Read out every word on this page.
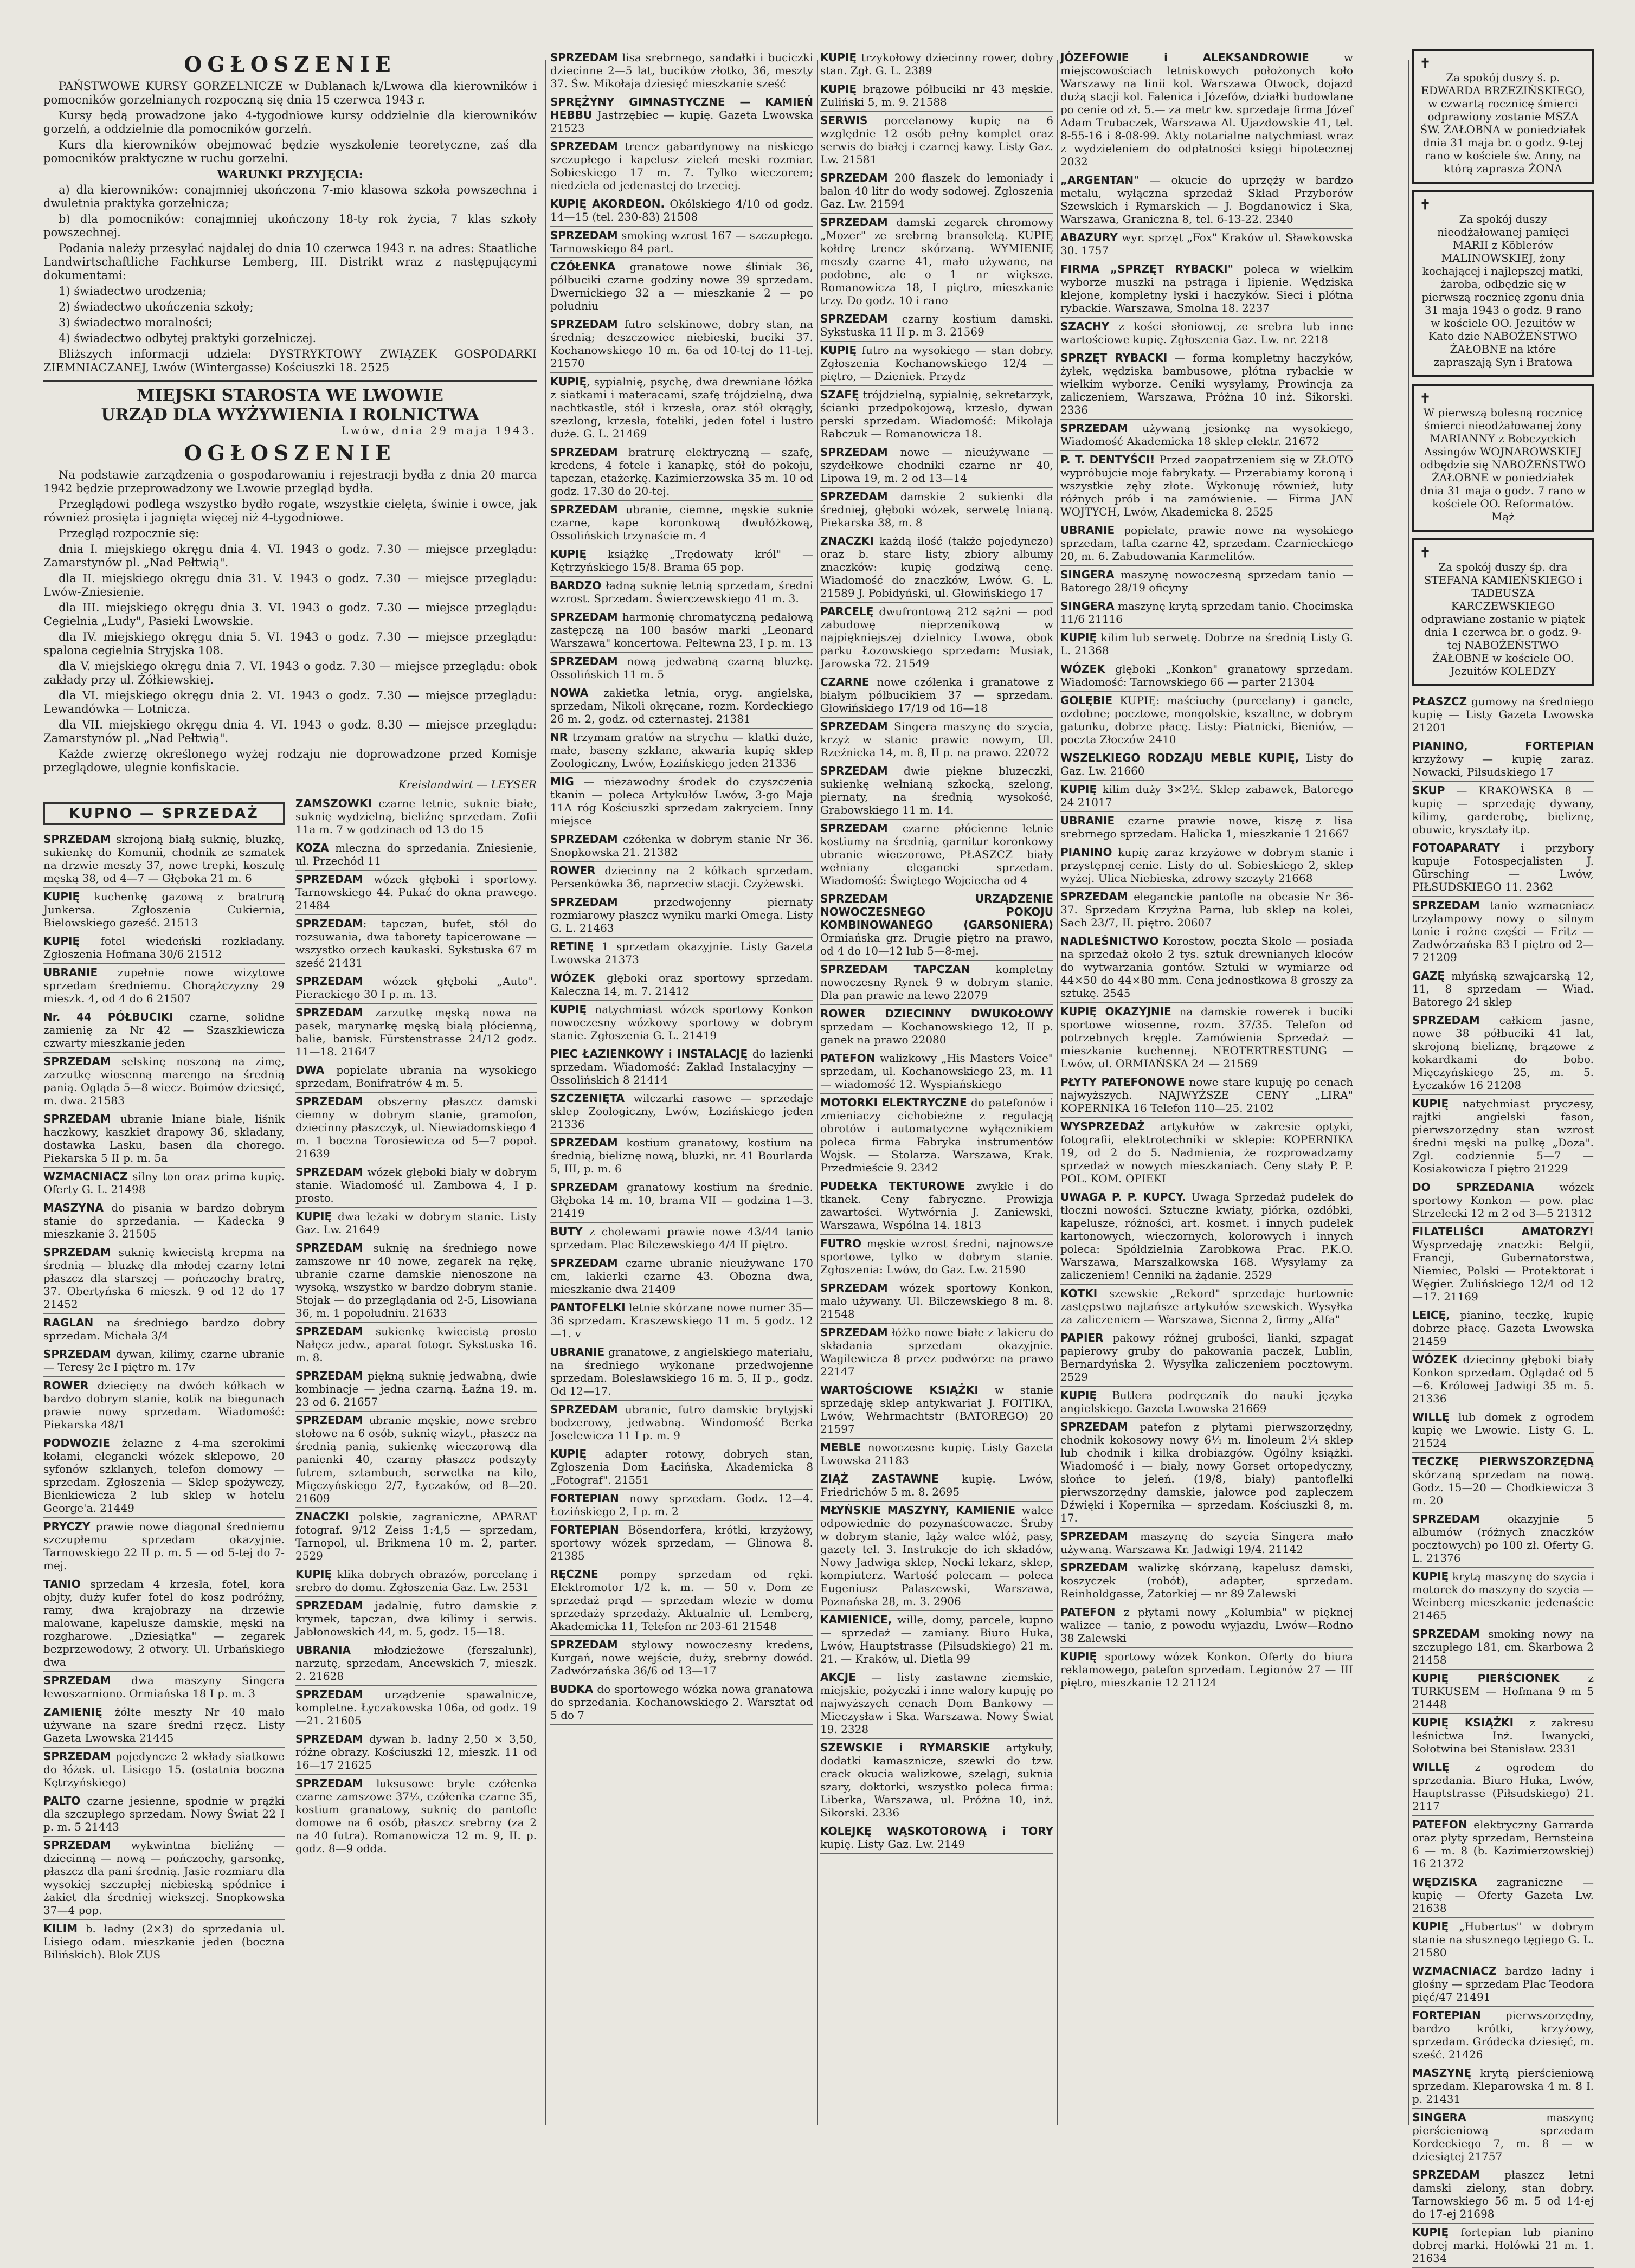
OGŁOSZENIE

PAŃSTWOWE KURSY GORZELNICZE w Dublanach k/Lwowa dla kierowników i pomocników gorzelnianych rozpoczną się dnia 15 czerwca 1943 r.

Kursy będą prowadzone jako 4-tygodniowe kursy oddzielnie dla kierowników gorzelń, a oddzielnie dla pomocników gorzelń.

Kurs dla kierowników obejmować będzie wyszkolenie teoretyczne, zaś dla pomocników praktyczne w ruchu gorzelni.

WARUNKI PRZYJĘCIA:

a) dla kierowników: conajmniej ukończona 7-mio klasowa szkoła powszechna i dwuletnia praktyka gorzelnicza;

b) dla pomocników: conajmniej ukończony 18-ty rok życia, 7 klas szkoły powszechnej.

Podania należy przesyłać najdalej do dnia 10 czerwca 1943 r. na adres: Staatliche Landwirtschaftliche Fachkurse Lemberg, III. Distrikt wraz z następującymi dokumentami:

1) świadectwo urodzenia;

2) świadectwo ukończenia szkoły;

3) świadectwo moralności;

4) świadectwo odbytej praktyki gorzelniczej.

Bliższych informacji udziela: DYSTRYKTOWY ZWIĄZEK GOSPODARKI ZIEMNIACZANEJ, Lwów (Wintergasse) Kościuszki 18. 2525

MIEJSKI STAROSTA WE LWOWIE
URZĄD DLA WYŻYWIENIA I ROLNICTWA

Lwów, dnia 29 maja 1943.

OGŁOSZENIE

Na podstawie zarządzenia o gospodarowaniu i rejestracji bydła z dnia 20 marca 1942 będzie przeprowadzony we Lwowie przegląd bydła.

Przeglądowi podlega wszystko bydło rogate, wszystkie cielęta, świnie i owce, jak również prosięta i jagnięta więcej niż 4-tygodniowe.

Przegląd rozpocznie się:

dnia I. miejskiego okręgu dnia 4. VI. 1943 o godz. 7.30 — miejsce przeglądu: Zamarstynów pl. „Nad Pełtwią".

dla II. miejskiego okręgu dnia 31. V. 1943 o godz. 7.30 — miejsce przeglądu: Lwów-Zniesienie.

dla III. miejskiego okręgu dnia 3. VI. 1943 o godz. 7.30 — miejsce przeglądu: Cegielnia „Ludy", Pasieki Lwowskie.

dla IV. miejskiego okręgu dnia 5. VI. 1943 o godz. 7.30 — miejsce przeglądu: spalona cegielnia Stryjska 108.

dla V. miejskiego okręgu dnia 7. VI. 1943 o godz. 7.30 — miejsce przeglądu: obok zakłady przy ul. Żółkiewskiej.

dla VI. miejskiego okręgu dnia 2. VI. 1943 o godz. 7.30 — miejsce przeglądu: Lewandówka — Lotnicza.

dla VII. miejskiego okręgu dnia 4. VI. 1943 o godz. 8.30 — miejsce przeglądu: Zamarstynów pl. „Nad Pełtwią".

Każde zwierzę określonego wyżej rodzaju nie doprowadzone przed Komisje przeglądowe, ulegnie konfiskacie.

Kreislandwirt — LEYSER

KUPNO — SPRZEDAŻ

SPRZEDAM skrojoną białą suknię, bluzkę, sukienkę do Komunii, chodnik ze szmatek na drzwie meszty 37, nowe trepki, koszulę męską 38, od 4—7 — Głęboka 21 m. 6

KUPIĘ kuchenkę gazową z bratrurą Junkersa. Zgłoszenia Cukiernia, Bielowskiego gaześć. 21513

KUPIĘ fotel wiedeński rozkładany. Zgłoszenia Hofmana 30/6 21512

UBRANIE zupełnie nowe wizytowe sprzedam średniemu. Chorążczyzny 29 mieszk. 4, od 4 do 6 21507

Nr. 44 PÓŁBUCIKI czarne, solidne zamienię za Nr 42 — Szaszkiewicza czwarty mieszkanie jeden

SPRZEDAM selskinę noszoną na zimę, zarzutkę wiosenną marengo na średnią panią. Ogląda 5—8 wiecz. Boimów dziesięć, m. dwa. 21583

SPRZEDAM ubranie lniane białe, liśnik haczkowy, kaszkiet drapowy 36, składany, dostawka Lasku, basen dla chorego. Piekarska 5 II p. m. 5a

WZMACNIACZ silny ton oraz prima kupię. Oferty G. L. 21498

MASZYNA do pisania w bardzo dobrym stanie do sprzedania. — Kadecka 9 mieszkanie 3. 21505

SPRZEDAM suknię kwiecistą krepma na średnią — bluzkę dla młodej czarny letni płaszcz dla starszej — pończochy bratrę, 37. Obertyńska 6 mieszk. 9 od 12 do 17 21452

RAGLAN na średniego bardzo dobry sprzedam. Michała 3/4

SPRZEDAM dywan, kilimy, czarne ubranie — Teresy 2c I piętro m. 17v

ROWER dziecięcy na dwóch kółkach w bardzo dobrym stanie, kotik na biegunach prawie nowy sprzedam. Wiadomość: Piekarska 48/1

PODWOZIE żelazne z 4-ma szerokimi kołami, elegancki wózek sklepowo, 20 syfonów szklanych, telefon domowy — sprzedam. Zgłoszenia — Sklep spożywczy, Bienkiewicza 2 lub sklep w hotelu George'a. 21449

PRYCZY prawie nowe diagonal średniemu szczupłemu sprzedam okazyjnie. Tarnowskiego 22 II p. m. 5 — od 5-tej do 7-mej.

TANIO sprzedam 4 krzesła, fotel, kora objty, duży kufer fotel do kosz podróżny, ramy, dwa krajobrazy na drzewie malowane, kapelusze damskie, męski na rozgharowe. „Dziesiątka" — zegarek bezprzewodowy, 2 otwory. Ul. Urbańskiego dwa

SPRZEDAM dwa maszyny Singera lewoszarniono. Ormiańska 18 I p. m. 3

ZAMIENIĘ żółte meszty Nr 40 mało używane na szare średni rzęcz. Listy Gazeta Lwowska 21445

SPRZEDAM pojedyncze 2 wkłady siatkowe do łóżek. ul. Lisiego 15. (ostatnia boczna Kętrzyńskiego)

PALTO czarne jesienne, spodnie w prążki dla szczupłego sprzedam. Nowy Świat 22 I p. m. 5 21443

SPRZEDAM wykwintna bieliźnę — dziecinną — nową — pończochy, garsonkę, płaszcz dla pani średnią. Jasie rozmiaru dla wysokiej szczupłej niebieską spódnice i żakiet dla średniej wiekszej. Snopkowska 37—4 pop.

KILIM b. ładny (2×3) do sprzedania ul. Lisiego odam. mieszkanie jeden (boczna Bilińskich). Blok ZUS

ZAMSZOWKI czarne letnie, suknie białe, suknię wydzielną, bieliźnę sprzedam. Zofii 11a m. 7 w godzinach od 13 do 15

KOZA mleczna do sprzedania. Zniesienie, ul. Przechód 11

SPRZEDAM wózek głęboki i sportowy. Tarnowskiego 44. Pukać do okna prawego. 21484

SPRZEDAM: tapczan, bufet, stół do rozsuwania, dwa taborety tapicerowane — wszystko orzech kaukaski. Sykstuska 67 m sześć 21431

SPRZEDAM wózek głęboki „Auto". Pierackiego 30 I p. m. 13.

SPRZEDAM zarzutkę męską nowa na pasek, marynarkę męską białą płócienną, balie, banisk. Fürstenstrasse 24/12 godz. 11—18. 21647

DWA popielate ubrania na wysokiego sprzedam, Bonifratrów 4 m. 5.

SPRZEDAM obszerny płaszcz damski ciemny w dobrym stanie, gramofon, dziecinny płaszczyk, ul. Niewiadomskiego 4 m. 1 boczna Torosiewicza od 5—7 popoł. 21639

SPRZEDAM wózek głęboki biały w dobrym stanie. Wiadomość ul. Zambowa 4, I p. prosto.

KUPIĘ dwa leżaki w dobrym stanie. Listy Gaz. Lw. 21649

SPRZEDAM suknię na średniego nowe zamszowe nr 40 nowe, zegarek na rękę, ubranie czarne damskie nienoszone na wysoką, wszystko w bardzo dobrym stanie. Stojak — do przeglądania od 2-5, Lisowiana 36, m. 1 popołudniu. 21633

SPRZEDAM sukienkę kwiecistą prosto Nałęcz jedw., aparat fotogr. Sykstuska 16. m. 8.

SPRZEDAM piękną suknię jedwabną, dwie kombinacje — jedna czarną. Łaźna 19. m. 23 od 6. 21657

SPRZEDAM ubranie męskie, nowe srebro stołowe na 6 osób, suknię wizyt., płaszcz na średnią panią, sukienkę wieczorową dla panienki 40, czarny płaszcz podszyty futrem, sztambuch, serwetka na kilo, Mięczyńskiego 2/7, Łyczaków, od 8—20. 21609

ZNACZKI polskie, zagraniczne, APARAT fotograf. 9/12 Zeiss 1:4,5 — sprzedam, Tarnopol, ul. Brikmena 10 m. 2, parter. 2529

KUPIĘ klika dobrych obrazów, porcelanę i srebro do domu. Zgłoszenia Gaz. Lw. 2531

SPRZEDAM jadalnię, futro damskie z krymek, tapczan, dwa kilimy i serwis. Jabłonowskich 44, m. 5, godz. 15—18.

UBRANIA młodzieżowe (ferszalunk), narzutę, sprzedam, Ancewskich 7, mieszk. 2. 21628

SPRZEDAM urządzenie spawalnicze, kompletne. Łyczakowska 106a, od godz. 19—21. 21605

SPRZEDAM dywan b. ładny 2,50 × 3,50, różne obrazy. Kościuszki 12, mieszk. 11 od 16—17 21625

SPRZEDAM luksusowe bryle czółenka czarne zamszowe 37½, czółenka czarne 35, kostium granatowy, suknię do pantofle domowe na 6 osób, płaszcz srebrny (za 2 na 40 futra). Romanowicza 12 m. 9, II. p. godz. 8—9 odda.

SPRZEDAM lisa srebrnego, sandałki i buciczki dziecinne 2—5 lat, bucików złotko, 36, meszty 37. Św. Mikołaja dziesięć mieszkanie sześć

SPRĘŻYNY GIMNASTYCZNE — KAMIEŃ HEBBU Jastrzębiec — kupię. Gazeta Lwowska 21523

SPRZEDAM trencz gabardynowy na niskiego szczupłego i kapelusz zieleń meski rozmiar. Sobieskiego 17 m. 7. Tylko wieczorem; niedziela od jedenastej do trzeciej.

KUPIĘ AKORDEON. Okólskiego 4/10 od godz. 14—15 (tel. 230-83) 21508

SPRZEDAM smoking wzrost 167 — szczupłego. Tarnowskiego 84 part.

CZÓŁENKA granatowe nowe śliniak 36, półbuciki czarne godziny nowe 39 sprzedam. Dwernickiego 32 a — mieszkanie 2 — po południu

SPRZEDAM futro selskinowe, dobry stan, na średnią; deszczowiec niebieski, buciki 37. Kochanowskiego 10 m. 6a od 10-tej do 11-tej. 21570

KUPIĘ, sypialnię, psychę, dwa drewniane łóżka z siatkami i materacami, szafę trójdzielną, dwa nachtkastle, stół i krzesła, oraz stół okrągły, szezlong, krzesła, foteliki, jeden fotel i lustro duże. G. L. 21469

SPRZEDAM bratrurę elektryczną — szafę, kredens, 4 fotele i kanapkę, stół do pokoju, tapczan, etażerkę. Kazimierzowska 35 m. 10 od godz. 17.30 do 20-tej.

SPRZEDAM ubranie, ciemne, męskie suknie czarne, kape koronkową dwułóżkową, Ossolińskich trzynaście m. 4

KUPIĘ książkę „Trędowaty król" — Kętrzyńskiego 15/8. Brama 65 pop.

BARDZO ładną suknię letnią sprzedam, średni wzrost. Sprzedam. Świerczewskiego 41 m. 3.

SPRZEDAM harmonię chromatyczną pedałową zastępczą na 100 basów marki „Leonard Warszawa" koncertowa. Pełtewna 23, I p. m. 13

SPRZEDAM nową jedwabną czarną bluzkę. Ossolińskich 11 m. 5

NOWA zakietka letnia, oryg. angielska, sprzedam, Nikoli okręcane, rozm. Kordeckiego 26 m. 2, godz. od czternastej. 21381

NR trzymam gratów na strychu — klatki duże, małe, baseny szklane, akwaria kupię sklep Zoologiczny, Lwów, Łozińskiego jeden 21336

MIG — niezawodny środek do czyszczenia tkanin — poleca Artykułów Lwów, 3-go Maja 11A róg Kościuszki sprzedam zakryciem. Inny miejsce

SPRZEDAM czółenka w dobrym stanie Nr 36. Snopkowska 21. 21382

ROWER dziecinny na 2 kółkach sprzedam. Persenkówka 36, naprzeciw stacji. Czyżewski.

SPRZEDAM przedwojenny piernaty rozmiarowy płaszcz wyniku marki Omega. Listy G. L. 21463

RETINĘ 1 sprzedam okazyjnie. Listy Gazeta Lwowska 21373

WÓZEK głęboki oraz sportowy sprzedam. Kaleczna 14, m. 7. 21412

KUPIĘ natychmiast wózek sportowy Konkon nowoczesny wózkowy sportowy w dobrym stanie. Zgłoszenia G. L. 21419

PIEC ŁAZIENKOWY i INSTALACJĘ do łazienki sprzedam. Wiadomość: Zakład Instalacyjny — Ossolińskich 8 21414

SZCZENIĘTA wilczarki rasowe — sprzedaje sklep Zoologiczny, Lwów, Łozińskiego jeden 21336

SPRZEDAM kostium granatowy, kostium na średnią, bieliznę nową, bluzki, nr. 41 Bourlarda 5, III, p. m. 6

SPRZEDAM granatowy kostium na średnie. Głęboka 14 m. 10, brama VII — godzina 1—3. 21419

BUTY z cholewami prawie nowe 43/44 tanio sprzedam. Plac Bilczewskiego 4/4 II piętro.

SPRZEDAM czarne ubranie nieużywane 170 cm, lakierki czarne 43. Obozna dwa, mieszkanie dwa 21409

PANTOFELKI letnie skórzane nowe numer 35—36 sprzedam. Kraszewskiego 11 m. 5 godz. 12—1. v

UBRANIE granatowe, z angielskiego materiału, na średniego wykonane przedwojenne sprzedam. Bolesławskiego 16 m. 5, II p., godz. Od 12—17.

SPRZEDAM ubranie, futro damskie brytyjski bodzerowy, jedwabną. Windomość Berka Joselewicza 11 I p. m. 9

KUPIĘ adapter rotowy, dobrych stan, Zgłoszenia Dom Łacińska, Akademicka 8 „Fotograf". 21551

FORTEPIAN nowy sprzedam. Godz. 12—4. Łozińskiego 2, I p. m. 2

FORTEPIAN Bösendorfera, krótki, krzyżowy, sportowy wózek sprzedam, — Glinowa 8. 21385

RĘCZNE pompy sprzedam od ręki. Elektromotor 1/2 k. m. — 50 v. Dom ze sprzedaż prąd — sprzedam wlezie w domu sprzedaży sprzedaży. Aktualnie ul. Lemberg, Akademicka 11, Telefon nr 203-61 21548

SPRZEDAM stylowy nowoczesny kredens, Kurgań, nowe wejście, duży, srebrny dowód. Zadwórzańska 36/6 od 13—17

BUDKA do sportowego wózka nowa granatowa do sprzedania. Kochanowskiego 2. Warsztat od 5 do 7

KUPIĘ trzykołowy dziecinny rower, dobry stan. Zgł. G. L. 2389

KUPIĘ brązowe półbuciki nr 43 męskie. Zuliński 5, m. 9. 21588

SERWIS porcelanowy kupię na 6 względnie 12 osób pełny komplet oraz serwis do białej i czarnej kawy. Listy Gaz. Lw. 21581

SPRZEDAM 200 flaszek do lemoniady i balon 40 litr do wody sodowej. Zgłoszenia Gaz. Lw. 21594

SPRZEDAM damski zegarek chromowy „Mozer" ze srebrną bransoletą. KUPIĘ kołdrę trencz skórzaną. WYMIENIĘ meszty czarne 41, mało używane, na podobne, ale o 1 nr większe. Romanowicza 18, I piętro, mieszkanie trzy. Do godz. 10 i rano

SPRZEDAM czarny kostium damski. Sykstuska 11 II p. m 3. 21569

KUPIĘ futro na wysokiego — stan dobry. Zgłoszenia Kochanowskiego 12/4 — piętro, — Dzieniek. Przydz

SZAFĘ trójdzielną, sypialnię, sekretarzyk, ścianki przedpokojową, krzesło, dywan perski sprzedam. Wiadomość: Mikołaja Rabczuk — Romanowicza 18.

SPRZEDAM nowe — nieużywane — szydełkowe chodniki czarne nr 40, Lipowa 19, m. 2 od 13—14

SPRZEDAM damskie 2 sukienki dla średniej, głęboki wózek, serwetę lnianą. Piekarska 38, m. 8

ZNACZKI każdą ilość (także pojedynczo) oraz b. stare listy, zbiory albumy znaczków: kupię godziwą cenę. Wiadomość do znaczków, Lwów. G. L. 21589 J. Pobidyński, ul. Głowińskiego 17

PARCELĘ dwufrontową 212 sążni — pod zabudowę nieprzenikową w najpiękniejszej dzielnicy Lwowa, obok parku Łozowskiego sprzedam: Musiak, Jarowska 72. 21549

CZARNE nowe czółenka i granatowe z białym półbucikiem 37 — sprzedam. Głowińskiego 17/19 od 16—18

SPRZEDAM Singera maszynę do szycia, krzyż w stanie prawie nowym, Ul. Rzeźnicka 14, m. 8, II p. na prawo. 22072

SPRZEDAM dwie piękne bluzeczki, sukienkę wełnianą szkocką, szelong, piernaty, na średnią wysokość, Grabowskiego 11 m. 14.

SPRZEDAM czarne płócienne letnie kostiumy na średnią, garnitur koronkowy ubranie wieczorowe, PŁASZCZ biały wełniany elegancki sprzedam. Wiadomość: Świętego Wojciecha od 4

SPRZEDAM URZĄDZENIE NOWOCZESNEGO POKOJU KOMBINOWANEGO (GARSONIERA) Ormiańska grz. Drugie piętro na prawo, od 4 do 10—12 lub 5—8-mej.

SPRZEDAM TAPCZAN kompletny nowoczesny Rynek 9 w dobrym stanie. Dla pan prawie na lewo 22079

ROWER DZIECINNY DWUKOŁOWY sprzedam — Kochanowskiego 12, II p. ganek na prawo 22080

PATEFON walizkowy „His Masters Voice" sprzedam, ul. Kochanowskiego 23, m. 11 — wiadomość 12. Wyspiańskiego

MOTORKI ELEKTRYCZNE do patefonów i zmieniaczy cichobieżne z regulacją obrotów i automatyczne wyłącznikiem poleca firma Fabryka instrumentów Wojsk. — Stolarza. Warszawa, Krak. Przedmieście 9. 2342

PUDEŁKA TEKTUROWE zwykłe i do tkanek. Ceny fabryczne. Prowizja zawartości. Wytwórnia J. Zaniewski, Warszawa, Wspólna 14. 1813

FUTRO męskie wzrost średni, najnowsze sportowe, tylko w dobrym stanie. Zgłoszenia: Lwów, do Gaz. Lw. 21590

SPRZEDAM wózek sportowy Konkon, mało używany. Ul. Bilczewskiego 8 m. 8. 21548

SPRZEDAM łóżko nowe białe z lakieru do składania sprzedam okazyjnie. Wagilewicza 8 przez podwórze na prawo 22147

WARTOŚCIOWE KSIĄŻKI w stanie sprzedaję sklep antykwariat J. FOITIKA, Lwów, Wehrmachtstr (BATOREGO) 20 21597

MEBLE nowoczesne kupię. Listy Gazeta Lwowska 21183

ZIĄŻ ZASTAWNE kupię. Lwów, Friedrichów 5 m. 8. 2695

MŁYŃSKIE MASZYNY, KAMIENIE walce odpowiednie do pozynaścowacze. Śruby w dobrym stanie, ląży walce wlóż, pasy, gazety tel. 3. Instrukcje do ich składów, Nowy Jadwiga sklep, Nocki lekarz, sklep, kompiuterz. Wartość polecam — poleca Eugeniusz Palaszewski, Warszawa, Poznańska 28, m. 3. 2906

KAMIENICE, wille, domy, parcele, kupno — sprzedaż — zamiany. Biuro Huka, Lwów, Hauptstrasse (Piłsudskiego) 21 m. 21. — Kraków, ul. Dietla 99

AKCJE — listy zastawne ziemskie, miejskie, pożyczki i inne walory kupuję po najwyższych cenach Dom Bankowy — Mieczysław i Ska. Warszawa. Nowy Świat 19. 2328

SZEWSKIE i RYMARSKIE artykuły, dodatki kamasznicze, szewki do tzw. crack okucia walizkowe, szelągi, suknia szary, doktorki, wszystko poleca firma: Liberka, Warszawa, ul. Próżna 10, inż. Sikorski. 2336

KOLEJKĘ WĄSKOTOROWĄ i TORY kupię. Listy Gaz. Lw. 2149

JÓZEFOWIE i ALEKSANDROWIE w miejscowościach letniskowych położonych koło Warszawy na linii kol. Warszawa Otwock, dojazd dużą stacji kol. Falenica i Józefów, działki budowlane po cenie od zł. 5.— za metr kw. sprzedaje firma Józef Adam Trubaczek, Warszawa Al. Ujazdowskie 41, tel. 8-55-16 i 8-08-99. Akty notarialne natychmiast wraz z wydzieleniem do odpłatności księgi hipotecznej 2032

„ARGENTAN" — okucie do uprzęży w bardzo metalu, wyłączna sprzedaż Skład Przyborów Szewskich i Rymarskich — J. Bogdanowicz i Ska, Warszawa, Graniczna 8, tel. 6-13-22. 2340

ABAZURY wyr. sprzęt „Fox" Kraków ul. Sławkowska 30. 1757

FIRMA „SPRZĘT RYBACKI" poleca w wielkim wyborze muszki na pstrąga i lipienie. Wędziska klejone, kompletny łyski i haczyków. Sieci i plótna rybackie. Warszawa, Smolna 18. 2237

SZACHY z kości słoniowej, ze srebra lub inne wartościowe kupię. Zgłoszenia Gaz. Lw. nr. 2218

SPRZĘT RYBACKI — forma kompletny haczyków, żyłek, wędziska bambusowe, płótna rybackie w wielkim wyborze. Ceniki wysyłamy, Prowincja za zaliczeniem, Warszawa, Próżna 10 inż. Sikorski. 2336

SPRZEDAM używaną jesionkę na wysokiego, Wiadomość Akademicka 18 sklep elektr. 21672

P. T. DENTYŚCI! Przed zaopatrzeniem się w ZŁOTO wypróbujcie moje fabrykaty. — Przerabiamy koroną i wszystkie zęby złote. Wykonuję również, luty różnych prób i na zamówienie. — Firma JAN WOJTYCH, Lwów, Akademicka 8. 2525

UBRANIE popielate, prawie nowe na wysokiego sprzedam, tafta czarne 42, sprzedam. Czarnieckiego 20, m. 6. Zabudowania Karmelitów.

SINGERA maszynę nowoczesną sprzedam tanio — Batorego 28/19 oficyny

SINGERA maszynę krytą sprzedam tanio. Chocimska 11/6 21116

KUPIĘ kilim lub serwetę. Dobrze na średnią Listy G. L. 21368

WÓZEK głęboki „Konkon" granatowy sprzedam. Wiadomość: Tarnowskiego 66 — parter 21304

GOLĘBIE KUPIĘ: maściuchy (purcelany) i gancle, ozdobne; pocztowe, mongolskie, kszaltne, w dobrym gatunku, dobrze płacę. Listy: Piatnicki, Bieniów, — poczta Złoczów 2410

WSZELKIEGO RODZAJU MEBLE KUPIĘ, Listy do Gaz. Lw. 21660

KUPIĘ kilim duży 3×2½. Sklep zabawek, Batorego 24 21017

UBRANIE czarne prawie nowe, kiszę z lisa srebrnego sprzedam. Halicka 1, mieszkanie 1 21667

PIANINO kupię zaraz krzyżowe w dobrym stanie i przystępnej cenie. Listy do ul. Sobieskiego 2, sklep wyżej. Ulica Niebieska, zdrowy szczyty 21668

SPRZEDAM eleganckie pantofle na obcasie Nr 36-37. Sprzedam Krzyżna Parna, lub sklep na kolei, Sach 23/7, II. piętro. 20607

NADLEŚNICTWO Korostow, poczta Skole — posiada na sprzedaż około 2 tys. sztuk drewnianych kloców do wytwarzania gontów. Sztuki w wymiarze od 44×50 do 44×80 mm. Cena jednostkowa 8 groszy za sztukę. 2545

KUPIĘ OKAZYJNIE na damskie rowerek i buciki sportowe wiosenne, rozm. 37/35. Telefon od potrzebnych kręgle. Zamówienia Sprzedaż — mieszkanie kuchennej. NEOTERTRESTUNG — Lwów, ul. ORMIAŃSKA 24 — 21569

PŁYTY PATEFONOWE nowe stare kupuję po cenach najwyższych. NAJWYŻSZE CENY „LIRA" KOPERNIKA 16 Telefon 110—25. 2102

WYSPRZEDAŻ artykułów w zakresie optyki, fotografii, elektrotechniki w sklepie: KOPERNIKA 19, od 2 do 5. Nadmienia, że rozprowadzamy sprzedaż w nowych mieszkaniach. Ceny stały P. P. POL. KOM. OPIEKI

UWAGA P. P. KUPCY. Uwaga Sprzedaż pudełek do tłoczni nowości. Sztuczne kwiaty, piórka, ozdóbki, kapelusze, różności, art. kosmet. i innych pudełek kartonowych, wieczornych, kolorowych i innych poleca: Spółdzielnia Zarobkowa Prac. P.K.O. Warszawa, Marszałkowska 168. Wysyłamy za zaliczeniem! Cenniki na żądanie. 2529

KOTKI szewskie „Rekord" sprzedaje hurtownie zastępstwo najtańsze artykułów szewskich. Wysyłka za zaliczeniem — Warszawa, Sienna 2, firmy „Alfa"

PAPIER pakowy różnej grubości, lianki, szpagat papierowy gruby do pakowania paczek, Lublin, Bernardyńska 2. Wysyłka zaliczeniem pocztowym. 2529

KUPIĘ Butlera podręcznik do nauki języka angielskiego. Gazeta Lwowska 21669

SPRZEDAM patefon z płytami pierwszorzędny, chodnik kokosowy nowy 6¼ m. linoleum 2¼ sklep lub chodnik i kilka drobiazgów. Ogólny książki. Wiadomość i — biały, nowy Gorset ortopedyczny, słońce to jeleń. (19/8, biały) pantoflelki pierwszorzędny damskie, jałowce pod zapleczem Dźwięki i Kopernika — sprzedam. Kościuszki 8, m. 17.

SPRZEDAM maszynę do szycia Singera mało używaną. Warszawa Kr. Jadwigi 19/4. 21142

SPRZEDAM walizkę skórzaną, kapelusz damski, koszyczek (robót), adapter, sprzedam. Reinholdgasse, Zatorkiej — nr 89 Zalewski

PATEFON z płytami nowy „Kolumbia" w pięknej walizce — tanio, z powodu wyjazdu, Lwów—Rodno 38 Zalewski

KUPIĘ sportowy wózek Konkon. Oferty do biura reklamowego, patefon sprzedam. Legionów 27 — III piętro, mieszkanie 12 21124

✝

Za spokój duszy ś. p. EDWARDA BRZEZIŃSKIEGO, w czwartą rocznicę śmierci odprawiony zostanie MSZA ŚW. ŻAŁOBNA w poniedziałek dnia 31 maja br. o godz. 9-tej rano w kościele św. Anny, na którą zaprasza ŻONA

✝

Za spokój duszy nieodżałowanej pamięci MARII z Köblerów MALINOWSKIEJ, żony kochającej i najlepszej matki, żaroba, odbędzie się w pierwszą rocznicę zgonu dnia 31 maja 1943 o godz. 9 rano w kościele OO. Jezuitów w Kato dzie NABOŻEŃSTWO ŻAŁOBNE na które zapraszają Syn i Bratowa

✝

W pierwszą bolesną rocznicę śmierci nieodżałowanej żony MARIANNY z Bobczyckich Assingów WOJNAROWSKIEJ odbędzie się NABOŻEŃSTWO ŻAŁOBNE w poniedziałek dnia 31 maja o godz. 7 rano w kościele OO. Reformatów. Mąż

✝

Za spokój duszy śp. dra STEFANA KAMIEŃSKIEGO i TADEUSZA KARCZEWSKIEGO odprawiane zostanie w piątek dnia 1 czerwca br. o godz. 9-tej NABOŻEŃSTWO ŻAŁOBNE w kościele OO. Jezuitów KOLEDZY

PŁASZCZ gumowy na średniego kupię — Listy Gazeta Lwowska 21201

PIANINO, FORTEPIAN krzyżowy — kupię zaraz. Nowacki, Piłsudskiego 17

SKUP — KRAKOWSKA 8 — kupię — sprzedaję dywany, kilimy, garderobę, bieliznę, obuwie, kryształy itp.

FOTOAPARATY i przybory kupuje Fotospecjalisten J. Gürsching — Lwów, PIŁSUDSKIEGO 11. 2362

SPRZEDAM tanio wzmacniacz trzylampowy nowy o silnym tonie i rożne części — Fritz — Zadwórzańska 83 I piętro od 2—7 21209

GAZĘ młyńską szwajcarską 12, 11, 8 sprzedam — Wiad. Batorego 24 sklep

SPRZEDAM całkiem jasne, nowe 38 półbuciki 41 lat, skrojoną bieliznę, brązowe z kokardkami do bobo. Mięczyńskiego 25, m. 5. Łyczaków 16 21208

KUPIĘ natychmiast pryczesy, rajtki angielski fason, pierwszorzędny stan wzrost średni męski na pulkę „Doza". Zgł. codziennie 5—7 — Kosiakowicza I piętro 21229

DO SPRZEDANIA wózek sportowy Konkon — pow. plac Strzelecki 12 m 2 od 3—5 21312

FILATELIŚCI AMATORZY! Wysprzedaję znaczki: Belgii, Francji, Gubernatorstwa, Niemiec, Polski — Protektorat i Węgier. Żulińskiego 12/4 od 12—17. 21169

LEICĘ, pianino, teczkę, kupię dobrze płacę. Gazeta Lwowska 21459

WÓZEK dziecinny głęboki biały Konkon sprzedam. Oglądać od 5—6. Królowej Jadwigi 35 m. 5. 21336

WILLĘ lub domek z ogrodem kupię we Lwowie. Listy G. L. 21524

TECZKĘ PIERWSZORZĘDNĄ skórzaną sprzedam na nową. Godz. 15—20 — Chodkiewicza 3 m. 20

SPRZEDAM okazyjnie 5 albumów (różnych znaczków pocztowych) po 100 zł. Oferty G. L. 21376

KUPIĘ krytą maszynę do szycia i motorek do maszyny do szycia — Weinberg mieszkanie jedenaście 21465

SPRZEDAM smoking nowy na szczupłego 181, cm. Skarbowa 2 21458

KUPIĘ PIERŚCIONEK z TURKUSEM — Hofmana 9 m 5 21448

KUPIĘ KSIĄŻKI z zakresu leśnictwa Inż. Iwanycki, Sołotwina bei Stanisław. 2331

WILLĘ z ogrodem do sprzedania. Biuro Huka, Lwów, Hauptstrasse (Piłsudskiego) 21. 2117

PATEFON elektryczny Garrarda oraz płyty sprzedam, Bernsteina 6 — m. 8 (b. Kazimierzowskiej) 16 21372

WĘDZISKA zagraniczne — kupię — Oferty Gazeta Lw. 21638

KUPIĘ „Hubertus" w dobrym stanie na słusznego tęgiego G. L. 21580

WZMACNIACZ bardzo ładny i głośny — sprzedam Plac Teodora pięć/47 21491

FORTEPIAN pierwszorzędny, bardzo krótki, krzyżowy, sprzedam. Gródecka dziesięć, m. sześć. 21426

MASZYNĘ krytą pierścieniową sprzedam. Kleparowska 4 m. 8 I. p. 21431

SINGERA maszynę pierścieniową sprzedam Kordeckiego 7, m. 8 — w dziesiątej 21757

SPRZEDAM płaszcz letni damski zielony, stan dobry. Tarnowskiego 56 m. 5 od 14-ej do 17-ej 21698

KUPIĘ fortepian lub pianino dobrej marki. Holówki 21 m. 1. 21634
